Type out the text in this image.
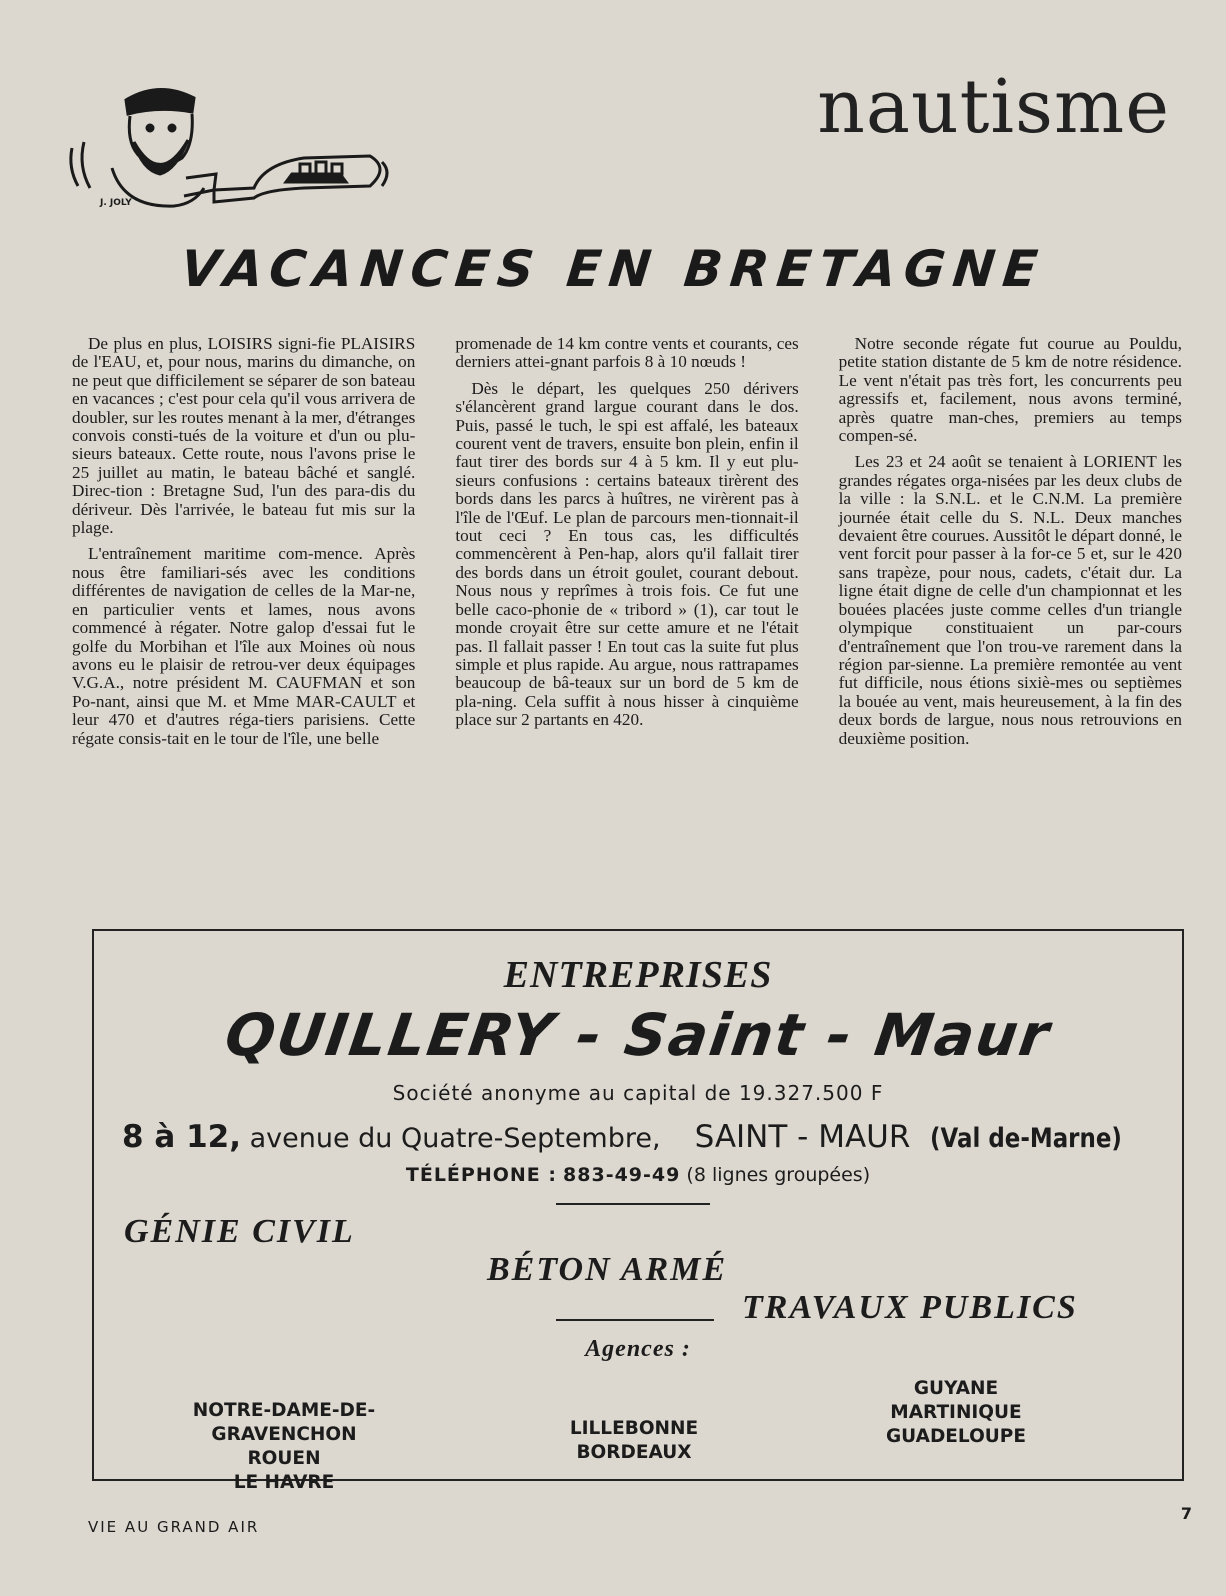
J. JOLY
nautisme
VACANCES EN BRETAGNE

De plus en plus, LOISIRS signi-fie PLAISIRS de l'EAU, et, pour nous, marins du dimanche, on ne peut que difficilement se séparer de son bateau en vacances ; c'est pour cela qu'il vous arrivera de doubler, sur les routes menant à la mer, d'étranges convois consti-tués de la voiture et d'un ou plu-sieurs bateaux. Cette route, nous l'avons prise le 25 juillet au matin, le bateau bâché et sanglé. Direc-tion : Bretagne Sud, l'un des para-dis du dériveur. Dès l'arrivée, le bateau fut mis sur la plage.

L'entraînement maritime com-mence. Après nous être familiari-sés avec les conditions différentes de navigation de celles de la Mar-ne, en particulier vents et lames, nous avons commencé à régater. Notre galop d'essai fut le golfe du Morbihan et l'île aux Moines où nous avons eu le plaisir de retrou-ver deux équipages V.G.A., notre président M. CAUFMAN et son Po-nant, ainsi que M. et Mme MAR-CAULT et leur 470 et d'autres réga-tiers parisiens. Cette régate consis-tait en le tour de l'île, une belle

promenade de 14 km contre vents et courants, ces derniers attei-gnant parfois 8 à 10 nœuds !

Dès le départ, les quelques 250 dérivers s'élancèrent grand largue courant dans le dos. Puis, passé le tuch, le spi est affalé, les bateaux courent vent de travers, ensuite bon plein, enfin il faut tirer des bords sur 4 à 5 km. Il y eut plu-sieurs confusions : certains bateaux tirèrent des bords dans les parcs à huîtres, ne virèrent pas à l'île de l'Œuf. Le plan de parcours men-tionnait-il tout ceci ? En tous cas, les difficultés commencèrent à Pen-hap, alors qu'il fallait tirer des bords dans un étroit goulet, courant debout. Nous nous y reprîmes à trois fois. Ce fut une belle caco-phonie de « tribord » (1), car tout le monde croyait être sur cette amure et ne l'était pas. Il fallait passer ! En tout cas la suite fut plus simple et plus rapide. Au argue, nous rattrapames beaucoup de bâ-teaux sur un bord de 5 km de pla-ning. Cela suffit à nous hisser à cinquième place sur 2 partants en 420.

Notre seconde régate fut courue au Pouldu, petite station distante de 5 km de notre résidence. Le vent n'était pas très fort, les concurrents peu agressifs et, facilement, nous avons terminé, après quatre man-ches, premiers au temps compen-sé.

Les 23 et 24 août se tenaient à LORIENT les grandes régates orga-nisées par les deux clubs de la ville : la S.N.L. et le C.N.M. La première journée était celle du S. N.L. Deux manches devaient être courues. Aussitôt le départ donné, le vent forcit pour passer à la for-ce 5 et, sur le 420 sans trapèze, pour nous, cadets, c'était dur. La ligne était digne de celle d'un championnat et les bouées placées juste comme celles d'un triangle olympique constituaient un par-cours d'entraînement que l'on trou-ve rarement dans la région par-sienne. La première remontée au vent fut difficile, nous étions sixiè-mes ou septièmes la bouée au vent, mais heureusement, à la fin des deux bords de largue, nous nous retrouvions en deuxième position.

ENTREPRISES
QUILLERY - Saint - Maur
Société anonyme au capital de 19.327.500 F
8 à 12, avenue du Quatre-Septembre, SAINT - MAUR (Val de-Marne)
TÉLÉPHONE : 883-49-49 (8 lignes groupées)
GÉNIE CIVIL
BÉTON ARMÉ
TRAVAUX PUBLICS
Agences :
NOTRE-DAME-DE-GRAVENCHON
ROUEN
LE HAVRE
LILLEBONNE
BORDEAUX
GUYANE
MARTINIQUE
GUADELOUPE
VIE AU GRAND AIR
7
